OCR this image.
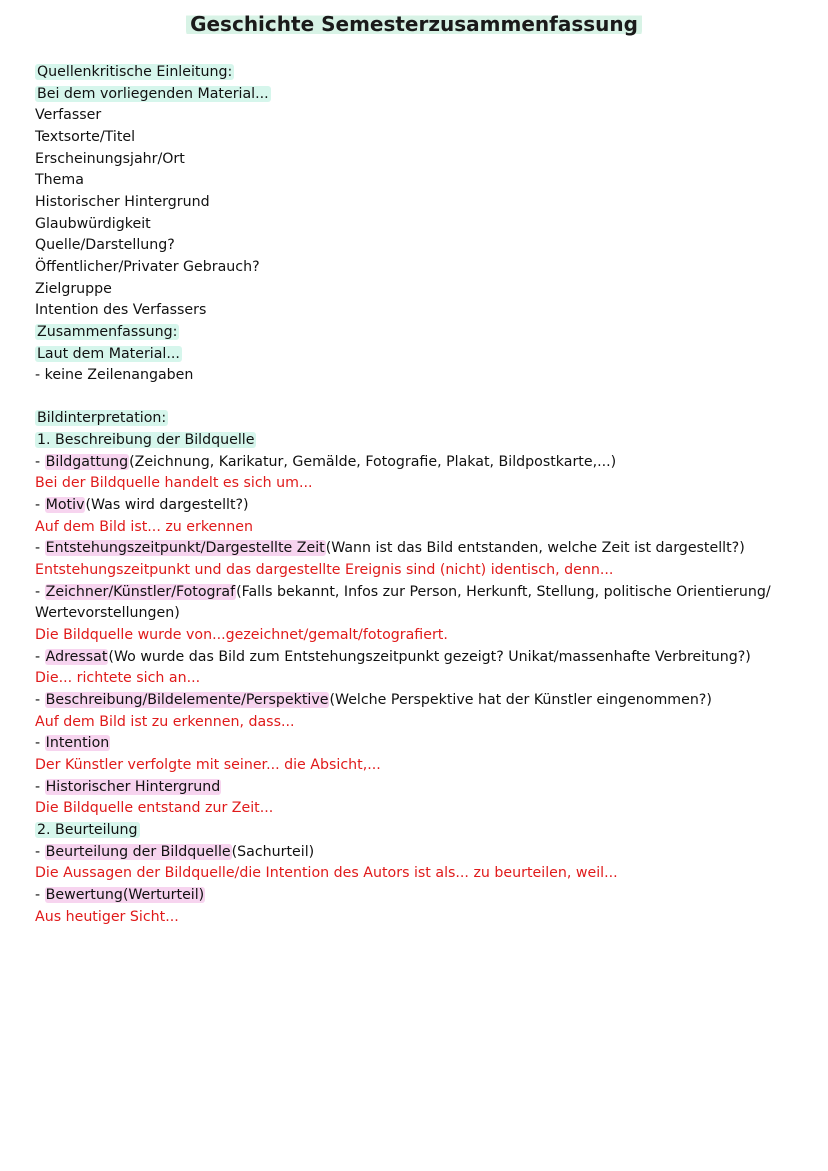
Geschichte Semesterzusammenfassung
Quellenkritische Einleitung:
Bei dem vorliegenden Material...
Verfasser
Textsorte/Titel
Erscheinungsjahr/Ort
Thema
Historischer Hintergrund
Glaubwürdigkeit
Quelle/Darstellung?
Öffentlicher/Privater Gebrauch?
Zielgruppe
Intention des Verfassers
Zusammenfassung:
Laut dem Material...
- keine Zeilenangaben
Bildinterpretation:
1. Beschreibung der Bildquelle
- Bildgattung(Zeichnung, Karikatur, Gemälde, Fotografie, Plakat, Bildpostkarte,...)
Bei der Bildquelle handelt es sich um...
- Motiv(Was wird dargestellt?)
Auf dem Bild ist... zu erkennen
- Entstehungszeitpunkt/Dargestellte Zeit(Wann ist das Bild entstanden, welche Zeit ist dargestellt?)
Entstehungszeitpunkt und das dargestellte Ereignis sind (nicht) identisch, denn...
- Zeichner/Künstler/Fotograf(Falls bekannt, Infos zur Person, Herkunft, Stellung, politische Orientierung/
Wertevorstellungen)
Die Bildquelle wurde von...gezeichnet/gemalt/fotografiert.
- Adressat(Wo wurde das Bild zum Entstehungszeitpunkt gezeigt? Unikat/massenhafte Verbreitung?)
Die... richtete sich an...
- Beschreibung/Bildelemente/Perspektive(Welche Perspektive hat der Künstler eingenommen?)
Auf dem Bild ist zu erkennen, dass...
- Intention
Der Künstler verfolgte mit seiner... die Absicht,...
- Historischer Hintergrund
Die Bildquelle entstand zur Zeit...
2. Beurteilung
- Beurteilung der Bildquelle(Sachurteil)
Die Aussagen der Bildquelle/die Intention des Autors ist als... zu beurteilen, weil...
- Bewertung(Werturteil)
Aus heutiger Sicht...
